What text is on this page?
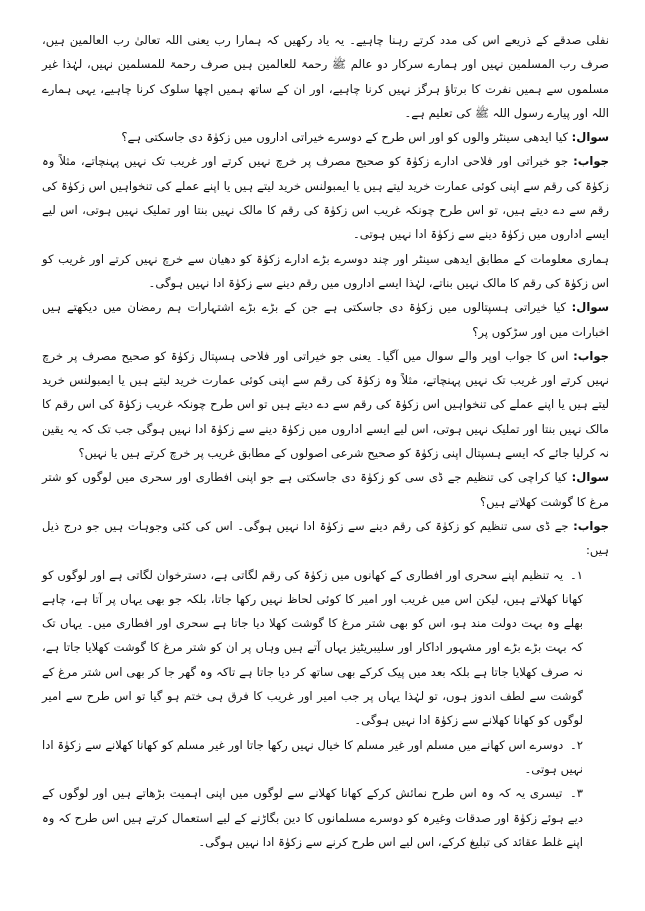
نفلی صدقے کے ذریعے اس کی مدد کرتے رہنا چاہیے۔ یہ یاد رکھیں کہ ہمارا رب یعنی اللہ تعالیٰ رب العالمین ہیں، صرف رب المسلمین نہیں اور ہمارے سرکار دو عالم ﷺ رحمۃ للعالمین ہیں صرف رحمۃ للمسلمین نہیں، لہٰذا غیر مسلموں سے ہمیں نفرت کا برتاؤ ہرگز نہیں کرنا چاہیے، اور ان کے ساتھ ہمیں اچھا سلوک کرنا چاہیے، یہی ہمارے اللہ اور پیارے رسول اللہ ﷺ کی تعلیم ہے۔

سوال: کیا ایدھی سینٹر والوں کو اور اس طرح کے دوسرے خیراتی اداروں میں زکوٰۃ دی جاسکتی ہے؟

جواب: جو خیراتی اور فلاحی ادارے زکوٰۃ کو صحیح مصرف پر خرچ نہیں کرتے اور غریب تک نہیں پہنچاتے، مثلاً وہ زکوٰۃ کی رقم سے اپنی کوئی عمارت خرید لیتے ہیں یا ایمبولنس خرید لیتے ہیں یا اپنے عملے کی تنخواہیں اس زکوٰۃ کی رقم سے دے دیتے ہیں، تو اس طرح چونکہ غریب اس زکوٰۃ کی رقم کا مالک نہیں بنتا اور تملیک نہیں ہوتی، اس لیے ایسے اداروں میں زکوٰۃ دینے سے زکوٰۃ ادا نہیں ہوتی۔

ہماری معلومات کے مطابق ایدھی سینٹر اور چند دوسرے بڑے ادارے زکوٰۃ کو دھیان سے خرچ نہیں کرتے اور غریب کو اس زکوٰۃ کی رقم کا مالک نہیں بناتے، لہٰذا ایسے اداروں میں رقم دینے سے زکوٰۃ ادا نہیں ہوگی۔

سوال: کیا خیراتی ہسپتالوں میں زکوٰۃ دی جاسکتی ہے جن کے بڑے بڑے اشتہارات ہم رمضان میں دیکھتے ہیں اخبارات میں اور سڑکوں پر؟

جواب: اس کا جواب اوپر والے سوال میں آگیا۔ یعنی جو خیراتی اور فلاحی ہسپتال زکوٰۃ کو صحیح مصرف پر خرچ نہیں کرتے اور غریب تک نہیں پہنچاتے، مثلاً وہ زکوٰۃ کی رقم سے اپنی کوئی عمارت خرید لیتے ہیں یا ایمبولنس خرید لیتے ہیں یا اپنے عملے کی تنخواہیں اس زکوٰۃ کی رقم سے دے دیتے ہیں تو اس طرح چونکہ غریب زکوٰۃ کی اس رقم کا مالک نہیں بنتا اور تملیک نہیں ہوتی، اس لیے ایسے اداروں میں زکوٰۃ دینے سے زکوٰۃ ادا نہیں ہوگی جب تک کہ یہ یقین نہ کرلیا جائے کہ ایسے ہسپتال اپنی زکوٰۃ کو صحیح شرعی اصولوں کے مطابق غریب پر خرچ کرتے ہیں یا نہیں؟

سوال: کیا کراچی کی تنظیم جے ڈی سی کو زکوٰۃ دی جاسکتی ہے جو اپنی افطاری اور سحری میں لوگوں کو شتر مرغ کا گوشت کھلاتے ہیں؟

جواب: جے ڈی سی تنظیم کو زکوٰۃ کی رقم دینے سے زکوٰۃ ادا نہیں ہوگی۔ اس کی کئی وجوہات ہیں جو درج ذیل ہیں:

۱۔ یہ تنظیم اپنے سحری اور افطاری کے کھانوں میں زکوٰۃ کی رقم لگاتی ہے، دسترخوان لگاتی ہے اور لوگوں کو کھانا کھلاتے ہیں، لیکن اس میں غریب اور امیر کا کوئی لحاظ نہیں رکھا جاتا، بلکہ جو بھی یہاں پر آتا ہے، چاہے بھلے وہ بہت دولت مند ہو، اس کو بھی شتر مرغ کا گوشت کھلا دیا جاتا ہے سحری اور افطاری میں۔ یہاں تک کہ بہت بڑے بڑے اور مشہور اداکار اور سلیبریٹیز یہاں آتے ہیں وہاں پر ان کو شتر مرغ کا گوشت کھلایا جاتا ہے، نہ صرف کھلایا جاتا ہے بلکہ بعد میں پیک کرکے بھی ساتھ کر دیا جاتا ہے تاکہ وہ گھر جا کر بھی اس شتر مرغ کے گوشت سے لطف اندوز ہوں، تو لہٰذا یہاں پر جب امیر اور غریب کا فرق ہی ختم ہو گیا تو اس طرح سے امیر لوگوں کو کھانا کھلانے سے زکوٰۃ ادا نہیں ہوگی۔

۲۔ دوسرے اس کھانے میں مسلم اور غیر مسلم کا خیال نہیں رکھا جاتا اور غیر مسلم کو کھانا کھلانے سے زکوٰۃ ادا نہیں ہوتی۔

۳۔ تیسری یہ کہ وہ اس طرح نمائش کرکے کھانا کھلانے سے لوگوں میں اپنی اہمیت بڑھاتے ہیں اور لوگوں کے دیے ہوئے زکوٰۃ اور صدقات وغیرہ کو دوسرے مسلمانوں کا دین بگاڑنے کے لیے استعمال کرتے ہیں اس طرح کہ وہ اپنے غلط عقائد کی تبلیغ کرکے، اس لیے اس طرح کرنے سے زکوٰۃ ادا نہیں ہوگی۔
